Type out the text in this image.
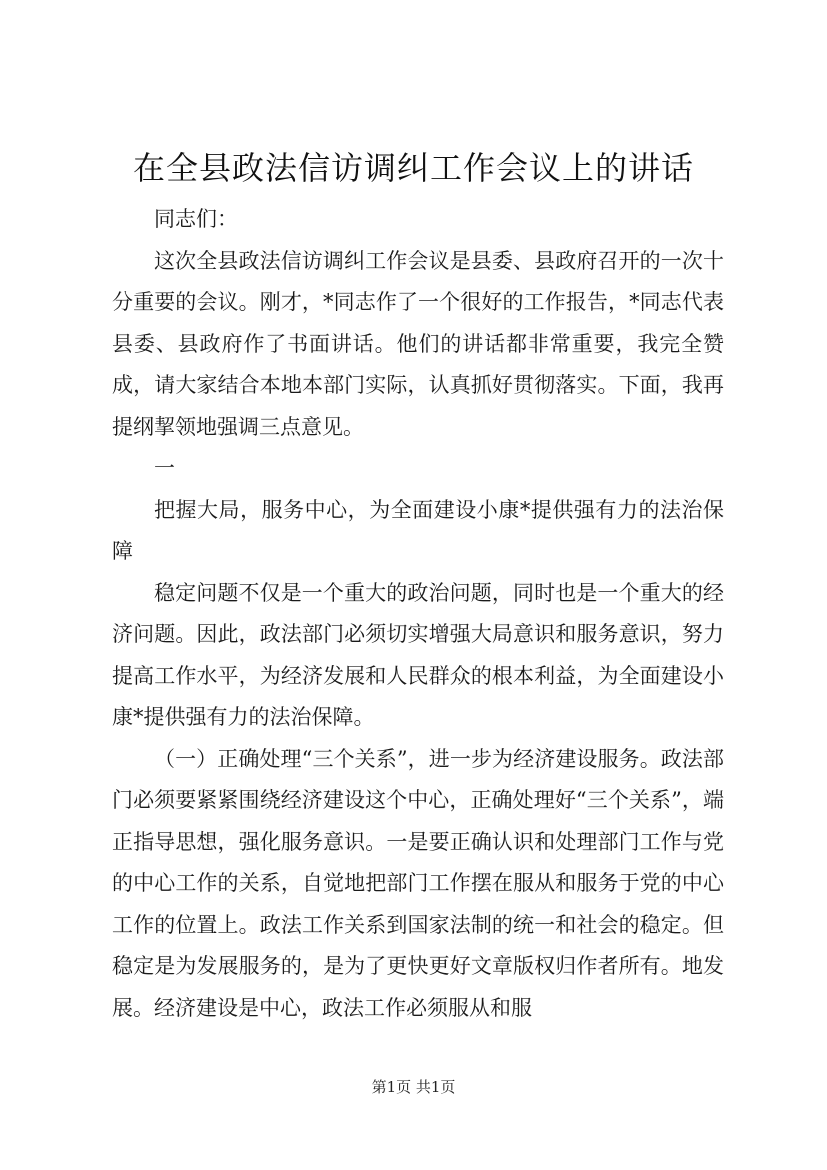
在全县政法信访调纠工作会议上的讲话

同志们：

这次全县政法信访调纠工作会议是县委、县政府召开的一次十分重要的会议。刚才，*同志作了一个很好的工作报告，*同志代表县委、县政府作了书面讲话。他们的讲话都非常重要，我完全赞成，请大家结合本地本部门实际，认真抓好贯彻落实。下面，我再提纲挈领地强调三点意见。

一

把握大局，服务中心，为全面建设小康*提供强有力的法治保障

稳定问题不仅是一个重大的政治问题，同时也是一个重大的经济问题。因此，政法部门必须切实增强大局意识和服务意识，努力提高工作水平，为经济发展和人民群众的根本利益，为全面建设小康*提供强有力的法治保障。

（一）正确处理“三个关系”，进一步为经济建设服务。政法部门必须要紧紧围绕经济建设这个中心，正确处理好“三个关系”，端正指导思想，强化服务意识。一是要正确认识和处理部门工作与党的中心工作的关系，自觉地把部门工作摆在服从和服务于党的中心工作的位置上。政法工作关系到国家法制的统一和社会的稳定。但稳定是为发展服务的，是为了更快更好文章版权归作者所有。地发展。经济建设是中心，政法工作必须服从和服

第1页 共1页
